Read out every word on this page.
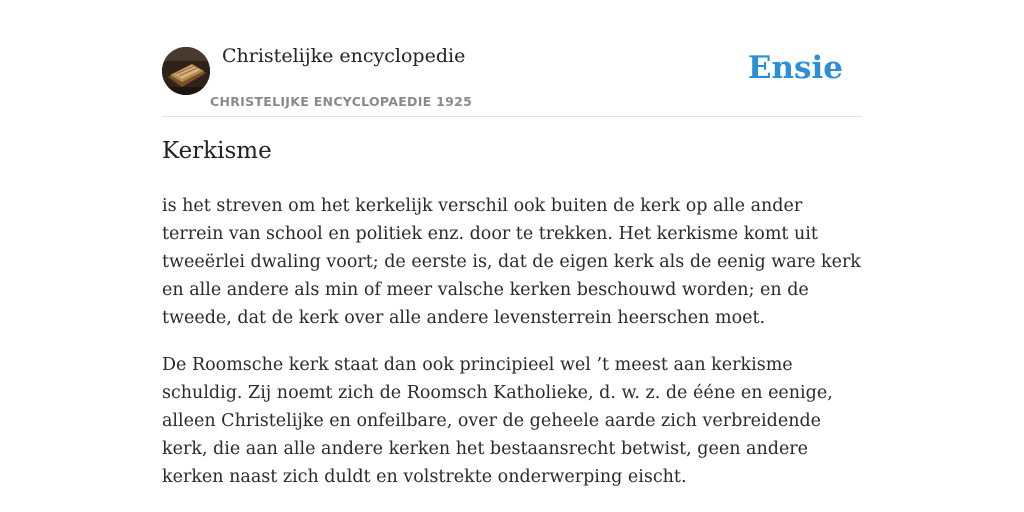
Christelijke encyclopedie
CHRISTELIJKE ENCYCLOPAEDIE 1925
Ensie
Kerkisme

is het streven om het kerkelijk verschil ook buiten de kerk op alle ander terrein van school en politiek enz. door te trekken. Het kerkisme komt uit tweeërlei dwaling voort; de eerste is, dat de eigen kerk als de eenig ware kerk en alle andere als min of meer valsche kerken beschouwd worden; en de tweede, dat de kerk over alle andere levensterrein heerschen moet.

De Roomsche kerk staat dan ook principieel wel ’t meest aan kerkisme schuldig. Zij noemt zich de Roomsch Katholieke, d. w. z. de ééne en eenige, alleen Christelijke en onfeilbare, over de geheele aarde zich verbreidende kerk, die aan alle andere kerken het bestaansrecht betwist, geen andere kerken naast zich duldt en volstrekte onderwerping eischt.
